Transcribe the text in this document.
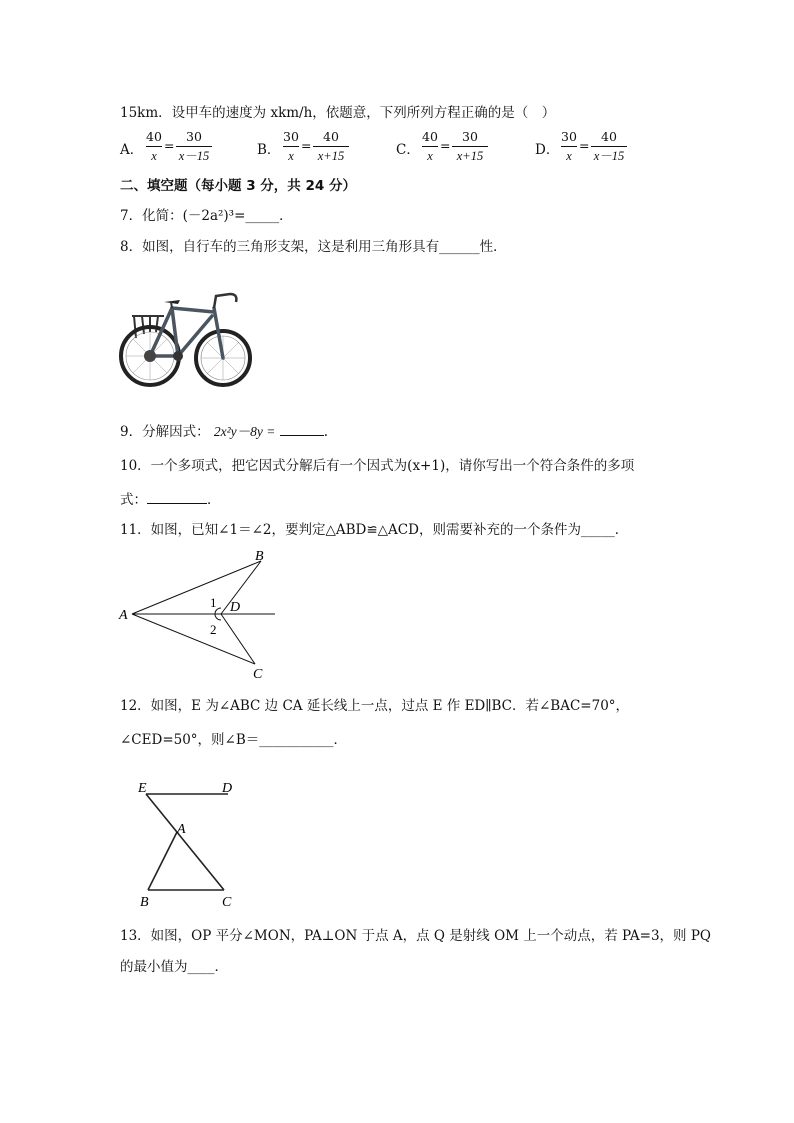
15km．设甲车的速度为 xkm/h，依题意，下列所列方程正确的是（　）
A．
40
x
=
30
x－15	B．
30
x
=
40
x+15	C．
40
x
=
30
x+15	D．
30
x
=
40
x－15
二、填空题（每小题 3 分，共 24 分）
7．化简：(－2a²)³=_____．
8．如图，自行车的三角形支架，这是利用三角形具有______性．
9．分解因式： 2x²y－8y =	.
10．一个多项式，把它因式分解后有一个因式为(x+1)，请你写出一个符合条件的多项
式：	．
11．如图，已知∠1＝∠2，要判定△ABD≌△ACD，则需要补充的一个条件为_____．
A
B
C
D
1
2
12．如图，E 为∠ABC 边 CA 延长线上一点，过点 E 作 ED∥BC．若∠BAC=70°，
∠CED=50°，则∠B＝___________．
E	D
A
B	C
13．如图，OP 平分∠MON，PA⊥ON 于点 A，点 Q 是射线 OM 上一个动点，若 PA=3，则 PQ
的最小值为____．
